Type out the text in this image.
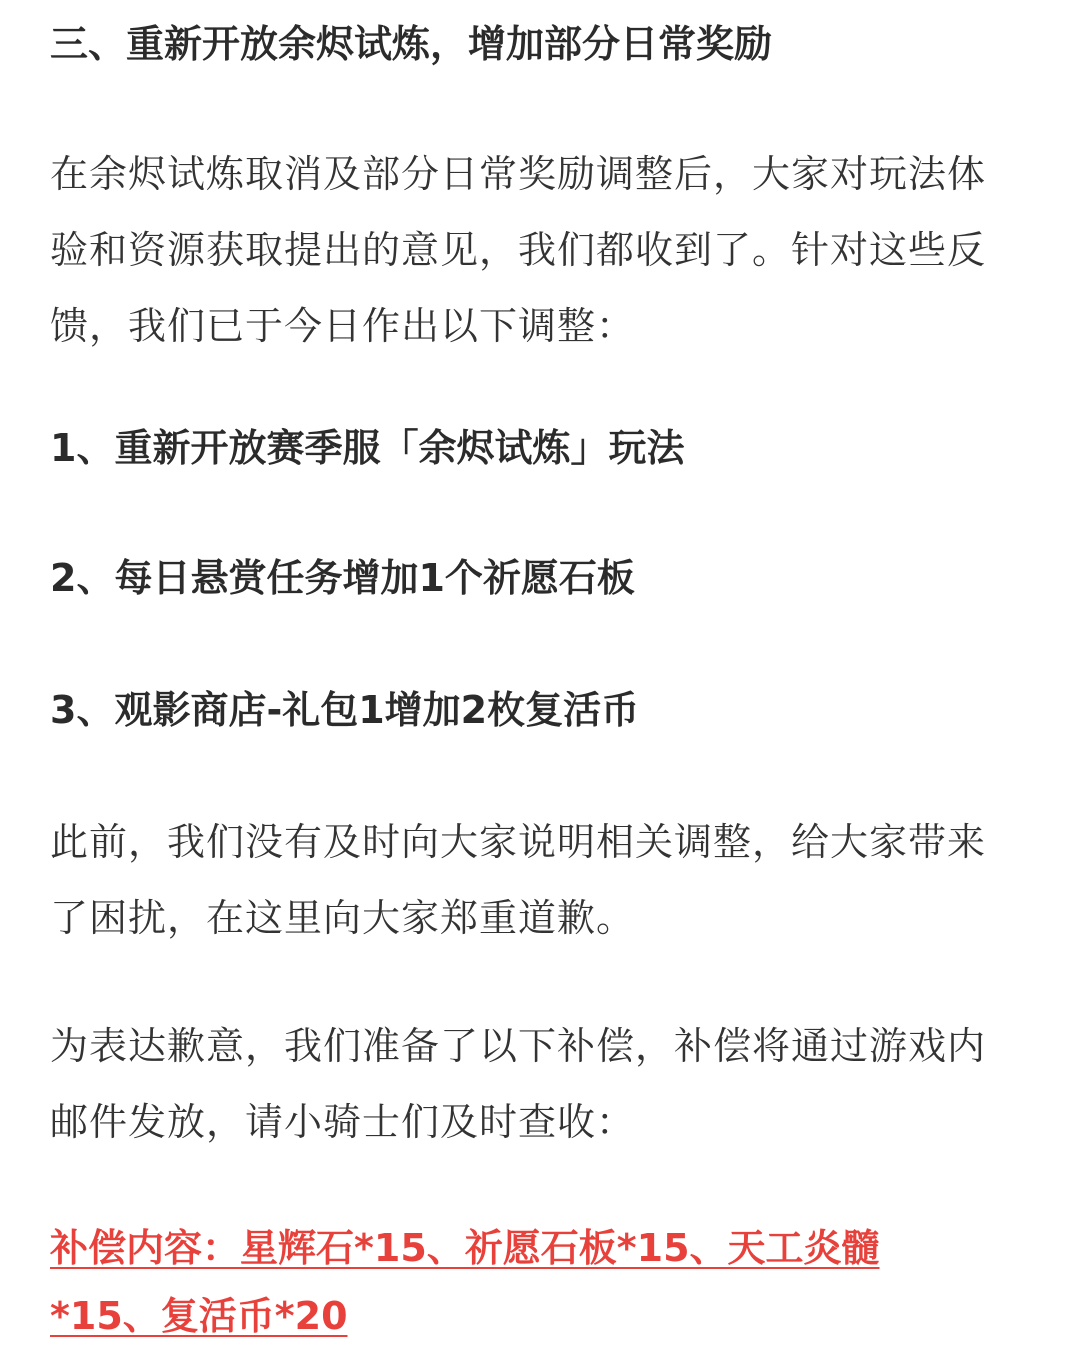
三、重新开放余烬试炼，增加部分日常奖励

在余烬试炼取消及部分日常奖励调整后，大家对玩法体验和资源获取提出的意见，我们都收到了。针对这些反馈，我们已于今日作出以下调整：

1、重新开放赛季服「余烬试炼」玩法

2、每日悬赏任务增加1个祈愿石板

3、观影商店-礼包1增加2枚复活币

此前，我们没有及时向大家说明相关调整，给大家带来了困扰，在这里向大家郑重道歉。

为表达歉意，我们准备了以下补偿，补偿将通过游戏内邮件发放，请小骑士们及时查收：

补偿内容：星辉石*15、祈愿石板*15、天工炎髓*15、复活币*20
